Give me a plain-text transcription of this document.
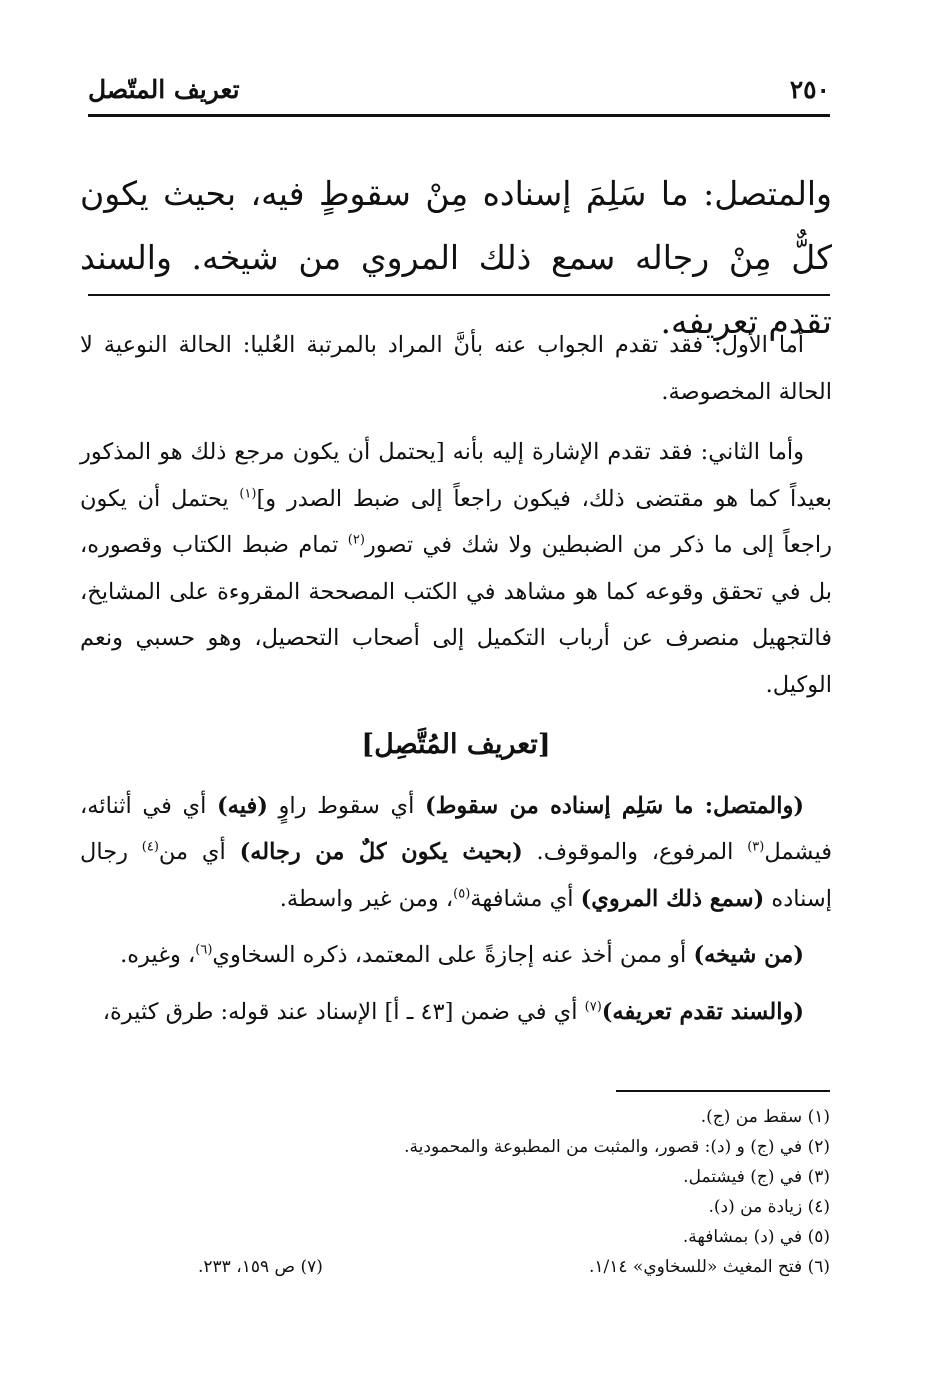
٢٥٠
تعريف المتّصل
والمتصل: ما سَلِمَ إسناده مِنْ سقوطٍ فيه، بحيث يكون كلٌّ مِنْ رجاله سمع ذلك المروي من شيخه. والسند تقدم تعريفه.

أما الأول: فقد تقدم الجواب عنه بأنَّ المراد بالمرتبة العُليا: الحالة النوعية لا الحالة المخصوصة.

وأما الثاني: فقد تقدم الإشارة إليه بأنه [يحتمل أن يكون مرجع ذلك هو المذكور بعيداً كما هو مقتضى ذلك، فيكون راجعاً إلى ضبط الصدر و]$^{(١)}$ يحتمل أن يكون راجعاً إلى ما ذكر من الضبطين ولا شك في تصور$^{(٢)}$ تمام ضبط الكتاب وقصوره، بل في تحقق وقوعه كما هو مشاهد في الكتب المصححة المقروءة على المشايخ، فالتجهيل منصرف عن أرباب التكميل إلى أصحاب التحصيل، وهو حسبي ونعم الوكيل.

[تعريف المُتَّصِل]

(والمتصل: ما سَلِم إسناده من سقوط) أي سقوط راوٍ (فيه) أي في أثنائه، فيشمل$^{(٣)}$ المرفوع، والموقوف. (بحيث يكون كلٌ من رجاله) أي من$^{(٤)}$ رجال إسناده (سمع ذلك المروي) أي مشافهة$^{(٥)}$، ومن غير واسطة.

(من شيخه) أو ممن أخذ عنه إجازةً على المعتمد، ذكره السخاوي$^{(٦)}$، وغيره.

(والسند تقدم تعريفه)$^{(٧)}$ أي في ضمن [٤٣ ـ أ] الإسناد عند قوله: طرق كثيرة،

(١) سقط من (ج).
(٢) في (ج) و (د): قصور، والمثبت من المطبوعة والمحمودية.
(٣) في (ج) فيشتمل.
(٤) زيادة من (د).
(٥) في (د) بمشافهة.
(٦) فتح المغيث «للسخاوي» ١/١٤.
(٧) ص ١٥٩، ٢٣٣.
